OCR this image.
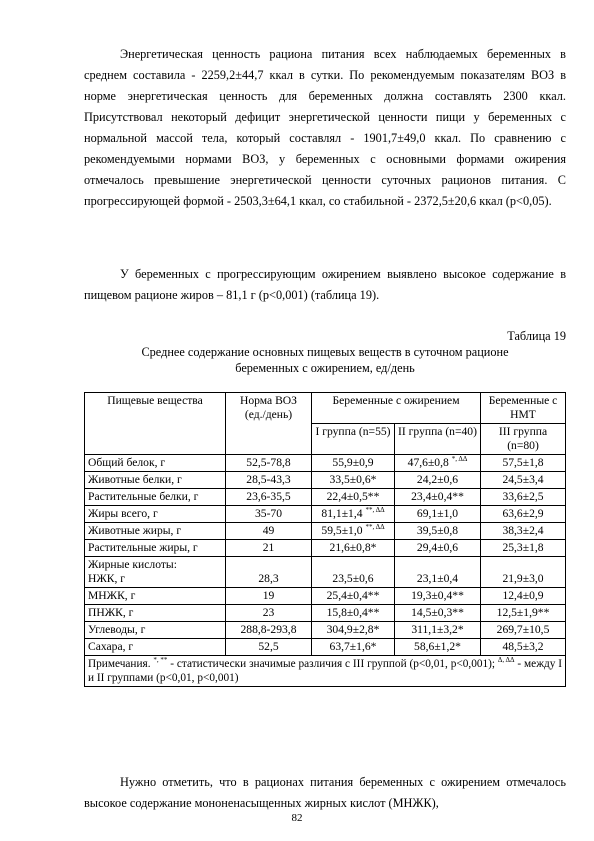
Энергетическая ценность рациона питания всех наблюдаемых беременных в среднем составила - 2259,2±44,7 ккал в сутки. По рекомендуемым показателям ВОЗ в норме энергетическая ценность для беременных должна составлять 2300 ккал. Присутствовал некоторый дефицит энергетической ценности пищи у беременных с нормальной массой тела, который составлял - 1901,7±49,0 ккал. По сравнению с рекомендуемыми нормами ВОЗ, у беременных с основными формами ожирения отмечалось превышение энергетической ценности суточных рационов питания. С прогрессирующей формой - 2503,3±64,1 ккал, со стабильной - 2372,5±20,6 ккал (p<0,05).

У беременных с прогрессирующим ожирением выявлено высокое содержание в пищевом рационе жиров – 81,1 г (p<0,001) (таблица 19).

Таблица 19
Среднее содержание основных пищевых веществ в суточном рационе
беременных с ожирением, ед/день
Пищевые вещества	Норма ВОЗ (ед./день)	Беременные с ожирением		Беременные с НМТ
		I группа (n=55)	II группа (n=40)	III группа (n=80)
Общий белок, г	52,5-78,8	55,9±0,9	47,6±0,8 $^{*, \Delta\Delta}$	57,5±1,8
Животные белки, г	28,5-43,3	33,5±0,6*	24,2±0,6	24,5±3,4
Растительные белки, г	23,6-35,5	22,4±0,5**	23,4±0,4**	33,6±2,5
Жиры всего, г	35-70	81,1±1,4 $^{**, \Delta\Delta}$	69,1±1,0	63,6±2,9
Животные жиры, г	49	59,5±1,0 $^{**, \Delta\Delta}$	39,5±0,8	38,3±2,4
Растительные жиры, г	21	21,6±0,8*	29,4±0,6	25,3±1,8

Жирные кислоты:
НЖК, г	28,3	23,5±0,6	23,1±0,4	21,9±3,0
МНЖК, г	19	25,4±0,4**	19,3±0,4**	12,4±0,9
ПНЖК, г	23	15,8±0,4**	14,5±0,3**	12,5±1,9**
Углеводы, г	288,8-293,8	304,9±2,8*	311,1±3,2*	269,7±10,5
Сахара, г	52,5	63,7±1,6*	58,6±1,2*	48,5±3,2
Примечания. *, ** - статистически значимые различия с III группой (p<0,01, p<0,001); $^{\Delta, \Delta\Delta}$ - между I и II группами (p<0,01, p<0,001)				

Нужно отметить, что в рационах питания беременных с ожирением отмечалось высокое содержание мононенасыщенных жирных кислот (МНЖК),

82
